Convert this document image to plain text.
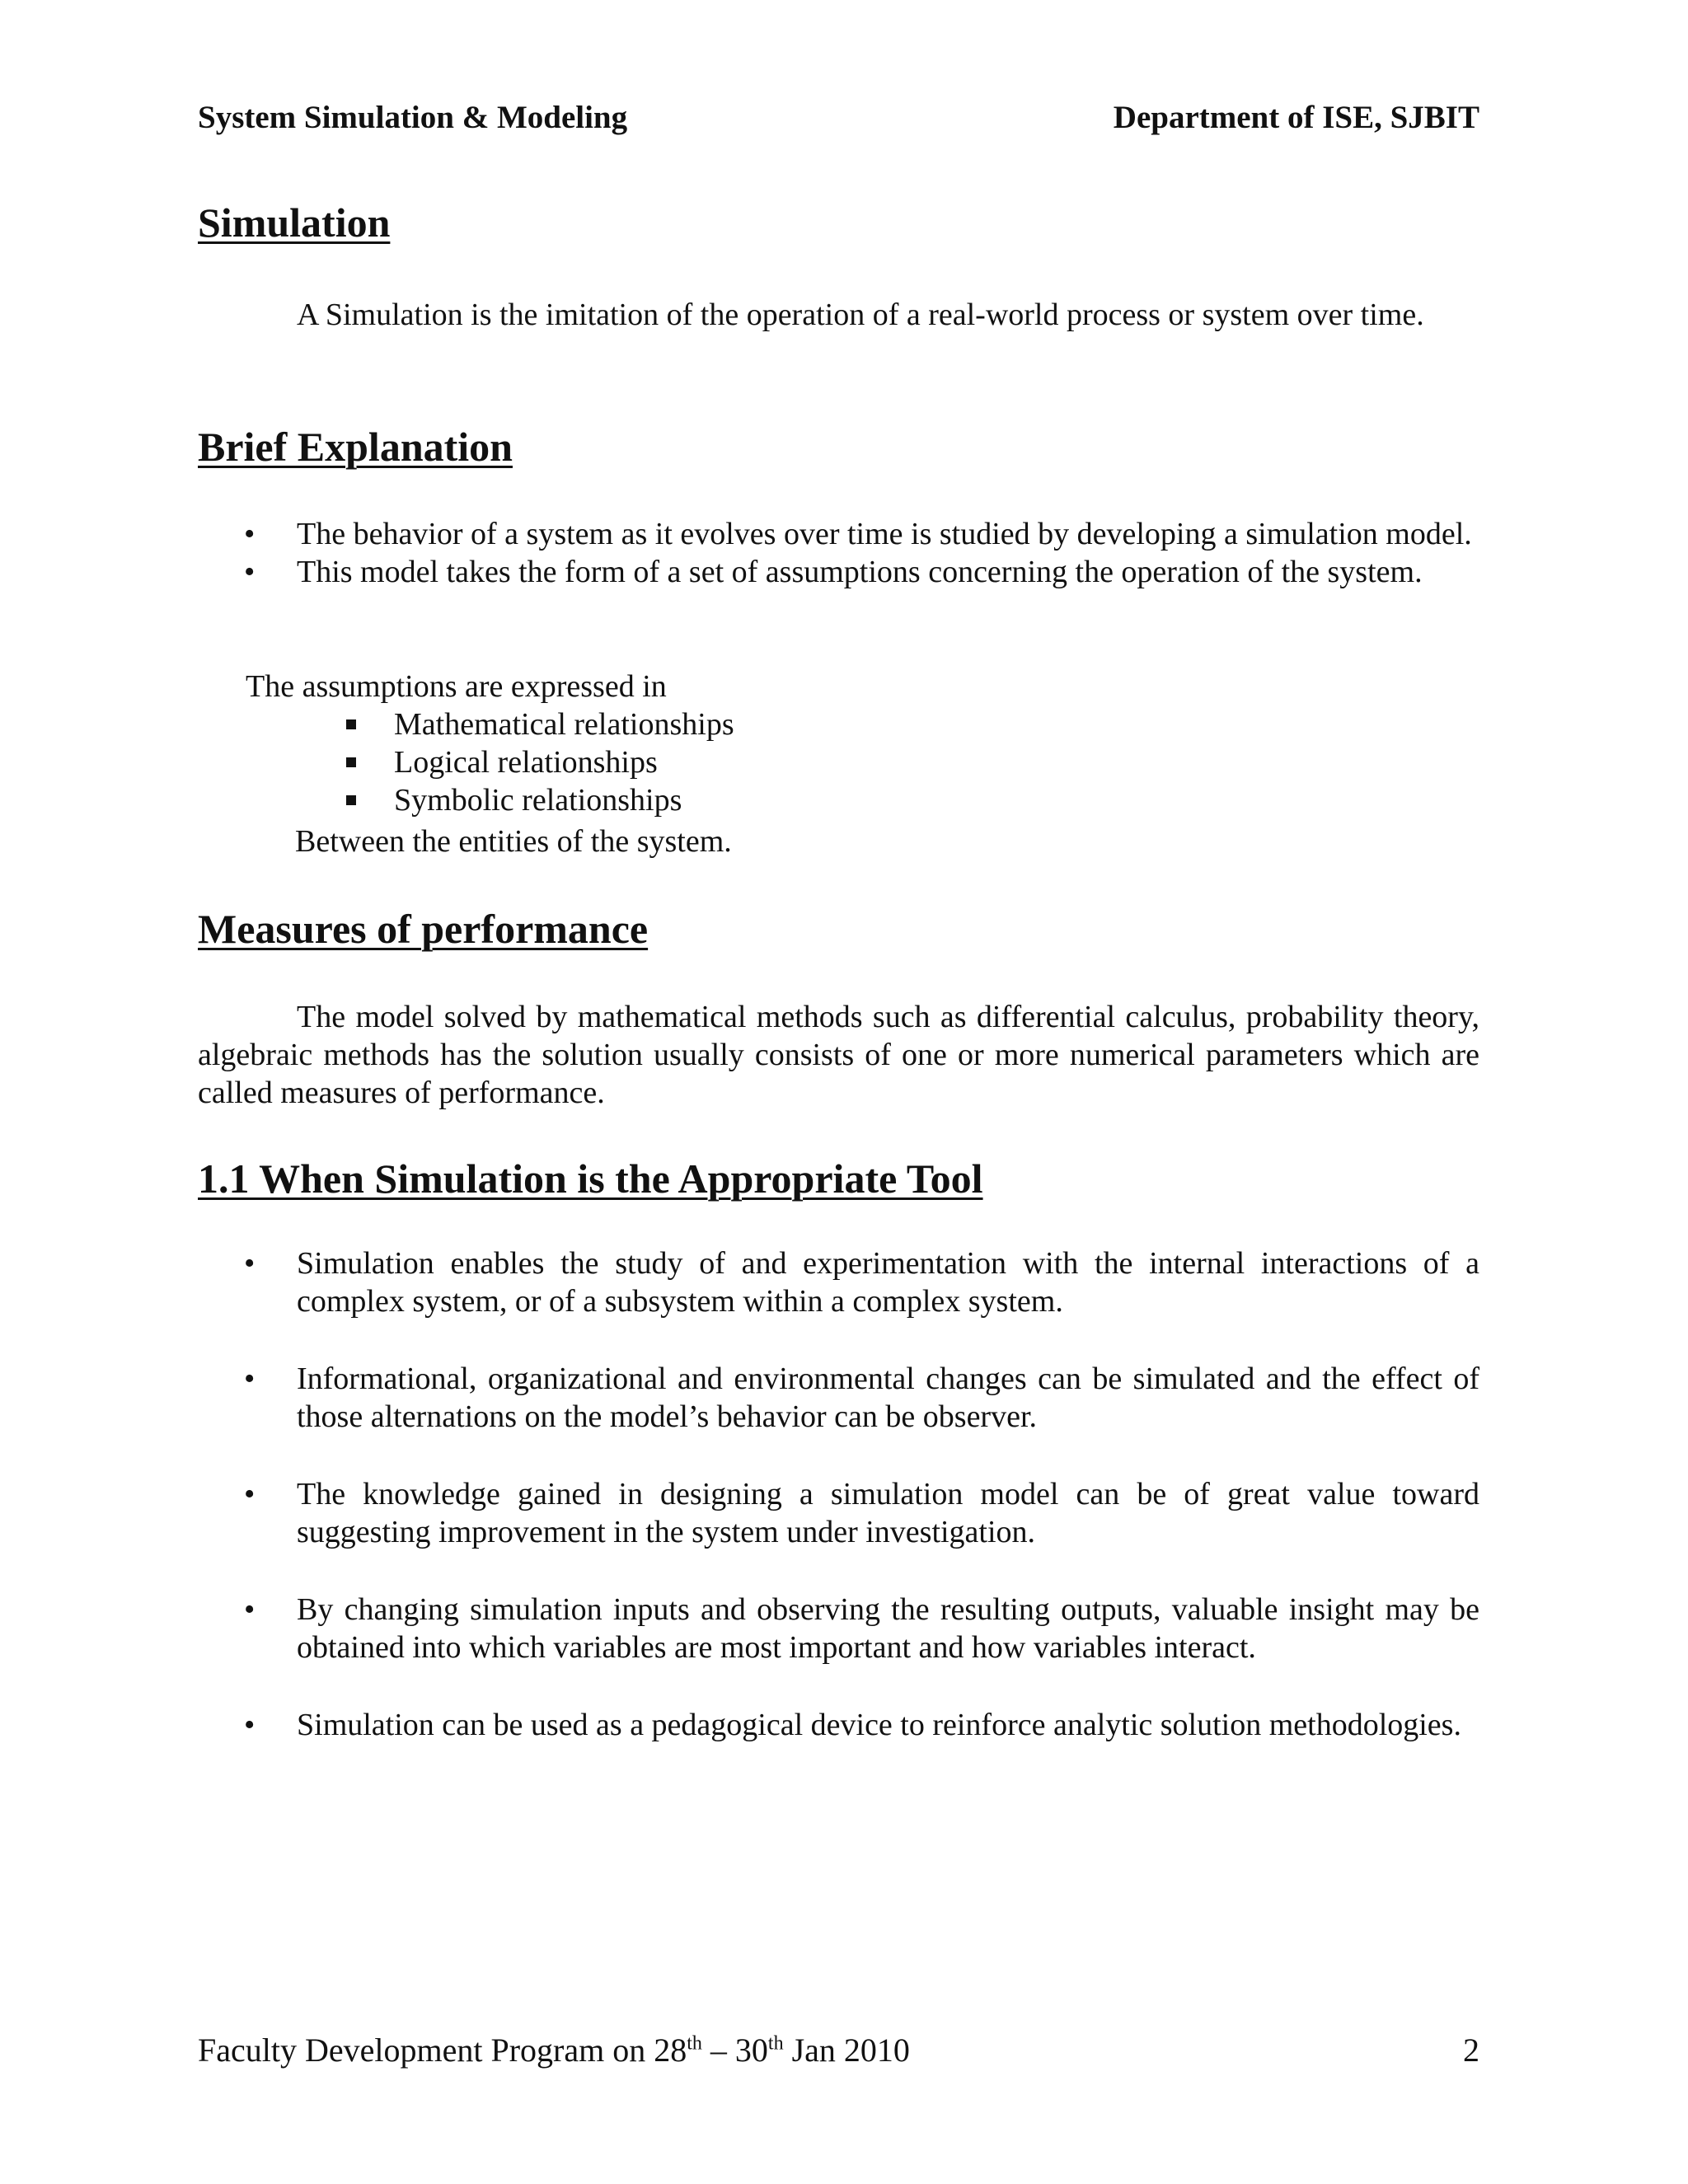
System Simulation & Modeling	Department of ISE, SJBIT
Simulation
A Simulation is the imitation of the operation of a real-world process or system over time.
Brief Explanation
• The behavior of a system as it evolves over time is studied by developing a simulation model.
• This model takes the form of a set of assumptions concerning the operation of the system.
The assumptions are expressed in
Mathematical relationships
Logical relationships
Symbolic relationships
Between the entities of the system.
Measures of performance
The model solved by mathematical methods such as differential calculus, probability theory, algebraic methods has the solution usually consists of one or more numerical parameters which are called measures of performance.
1.1 When Simulation is the Appropriate Tool
• Simulation enables the study of and experimentation with the internal interactions of a complex system, or of a subsystem within a complex system.
• Informational, organizational and environmental changes can be simulated and the effect of those alternations on the model’s behavior can be observer.
• The knowledge gained in designing a simulation model can be of great value toward suggesting improvement in the system under investigation.
• By changing simulation inputs and observing the resulting outputs, valuable insight may be obtained into which variables are most important and how variables interact.
• Simulation can be used as a pedagogical device to reinforce analytic solution methodologies.
Faculty Development Program on 28th – 30th Jan 2010	2
